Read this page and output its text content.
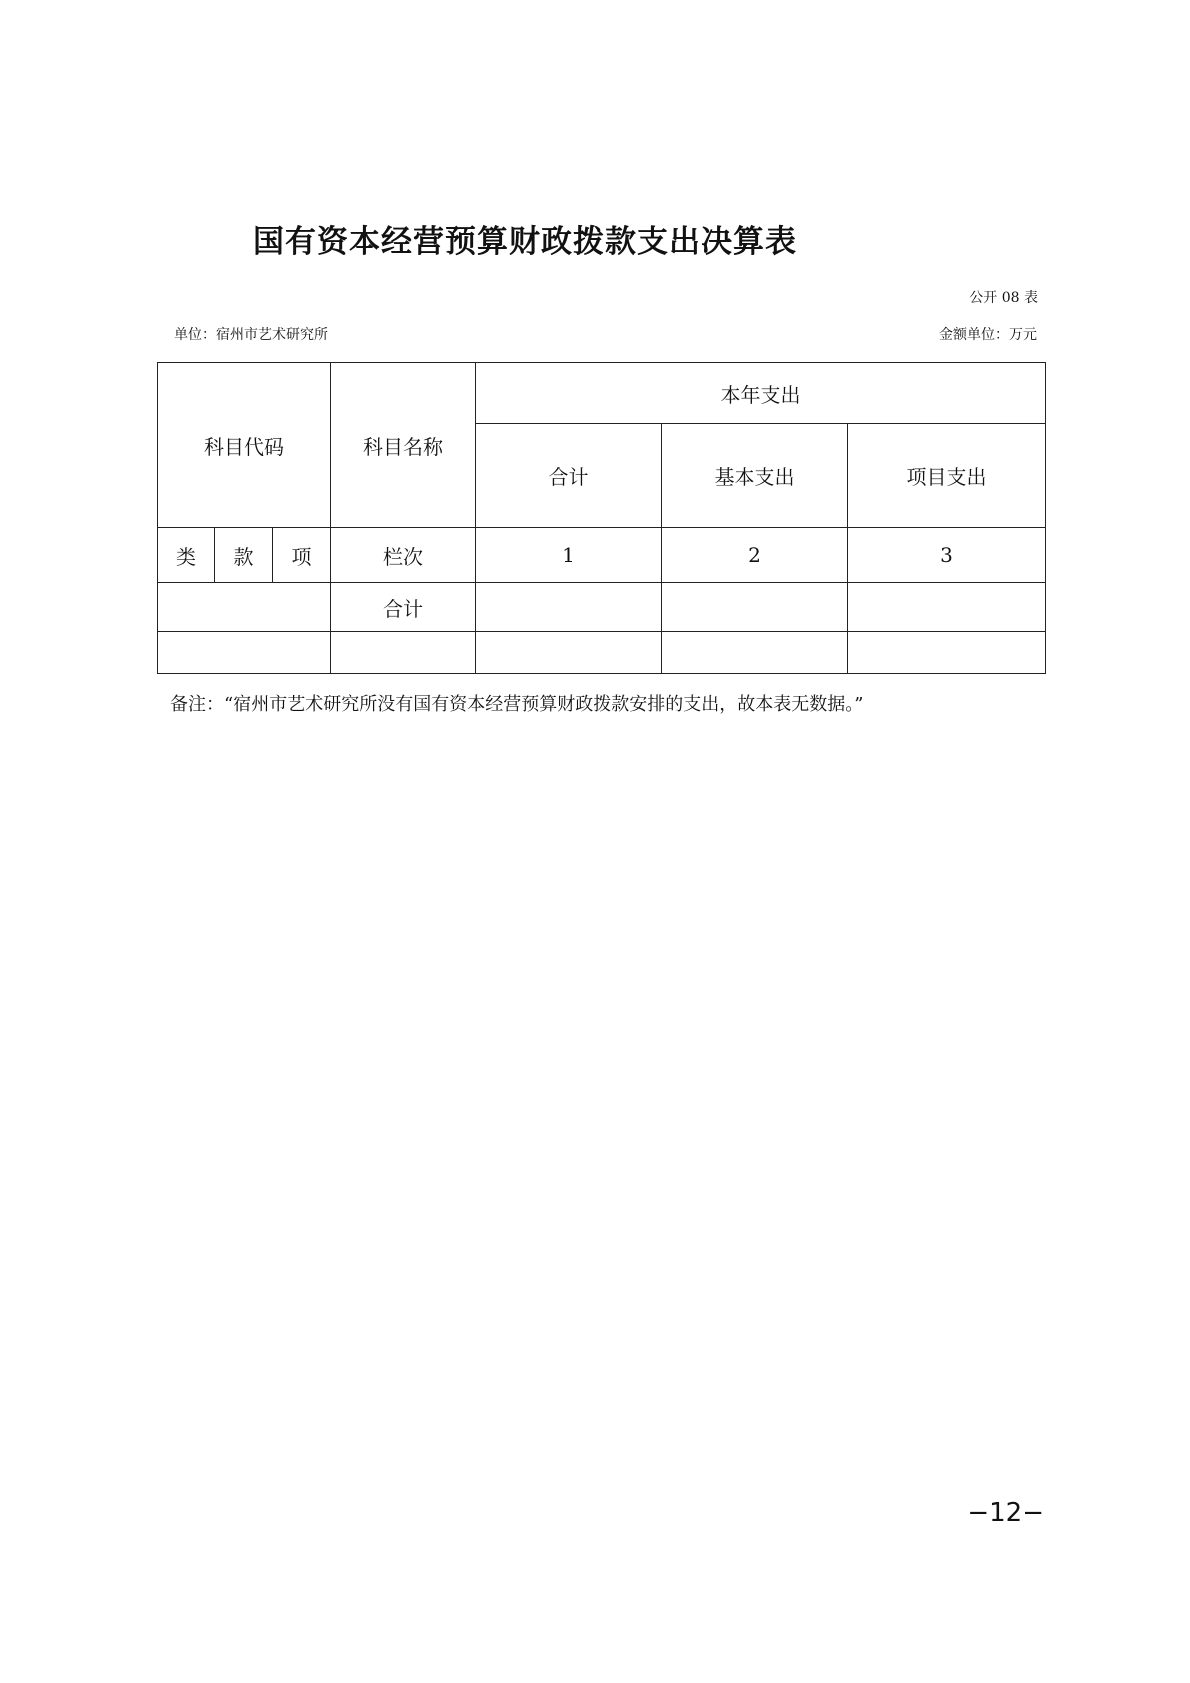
国有资本经营预算财政拨款支出决算表
公开 08 表
单位：宿州市艺术研究所	金额单位：万元
科目代码			科目名称	本年支出		
				合计	基本支出	项目支出
类	款	项	栏次	1	2	3
			合计			

备注：“宿州市艺术研究所没有国有资本经营预算财政拨款安排的支出，故本表无数据。”
−12−
